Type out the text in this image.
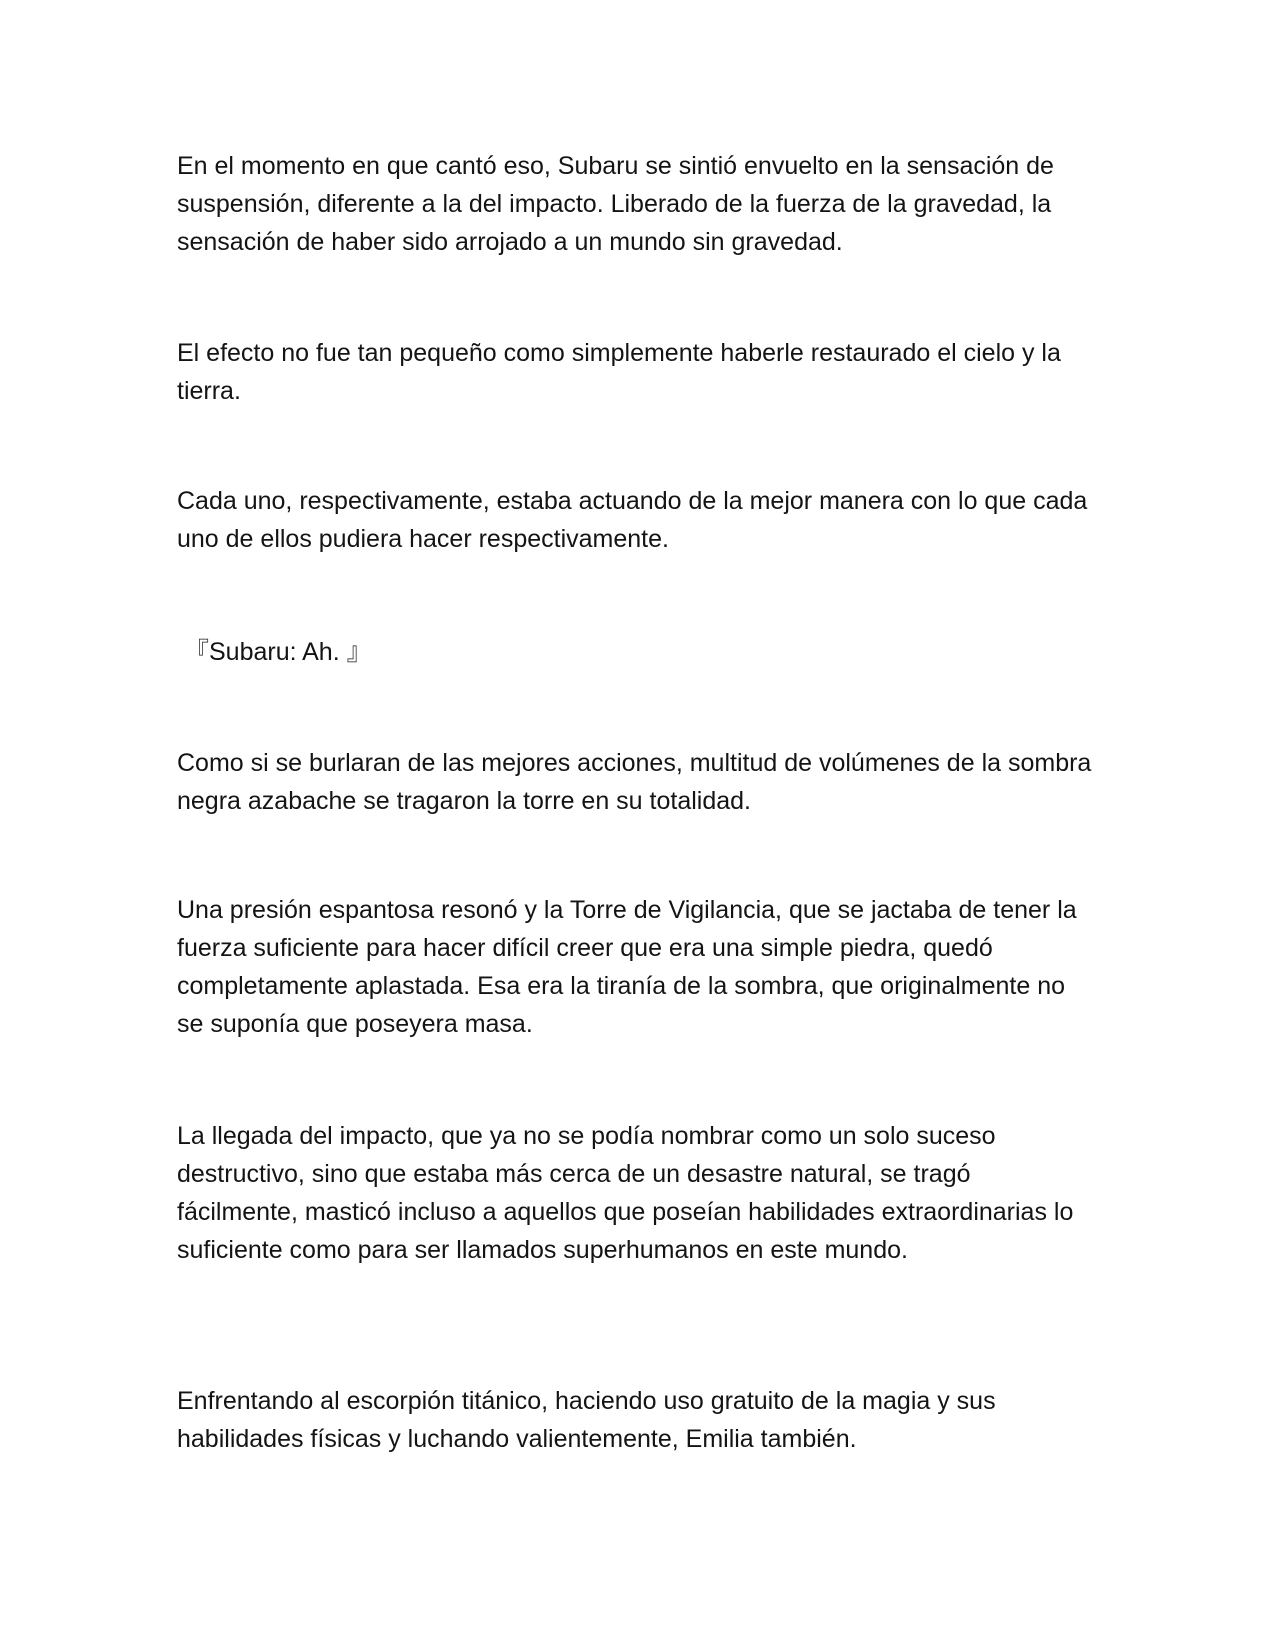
En el momento en que cantó eso, Subaru se sintió envuelto en la sensación de suspensión, diferente a la del impacto. Liberado de la fuerza de la gravedad, la sensación de haber sido arrojado a un mundo sin gravedad.

El efecto no fue tan pequeño como simplemente haberle restaurado el cielo y la tierra.

Cada uno, respectivamente, estaba actuando de la mejor manera con lo que cada uno de ellos pudiera hacer respectivamente.

『Subaru: Ah. 』

Como si se burlaran de las mejores acciones, multitud de volúmenes de la sombra negra azabache se tragaron la torre en su totalidad.

Una presión espantosa resonó y la Torre de Vigilancia, que se jactaba de tener la fuerza suficiente para hacer difícil creer que era una simple piedra, quedó completamente aplastada. Esa era la tiranía de la sombra, que originalmente no se suponía que poseyera masa.

La llegada del impacto, que ya no se podía nombrar como un solo suceso destructivo, sino que estaba más cerca de un desastre natural, se tragó fácilmente, masticó incluso a aquellos que poseían habilidades extraordinarias lo suficiente como para ser llamados superhumanos en este mundo.

Enfrentando al escorpión titánico, haciendo uso gratuito de la magia y sus habilidades físicas y luchando valientemente, Emilia también.
